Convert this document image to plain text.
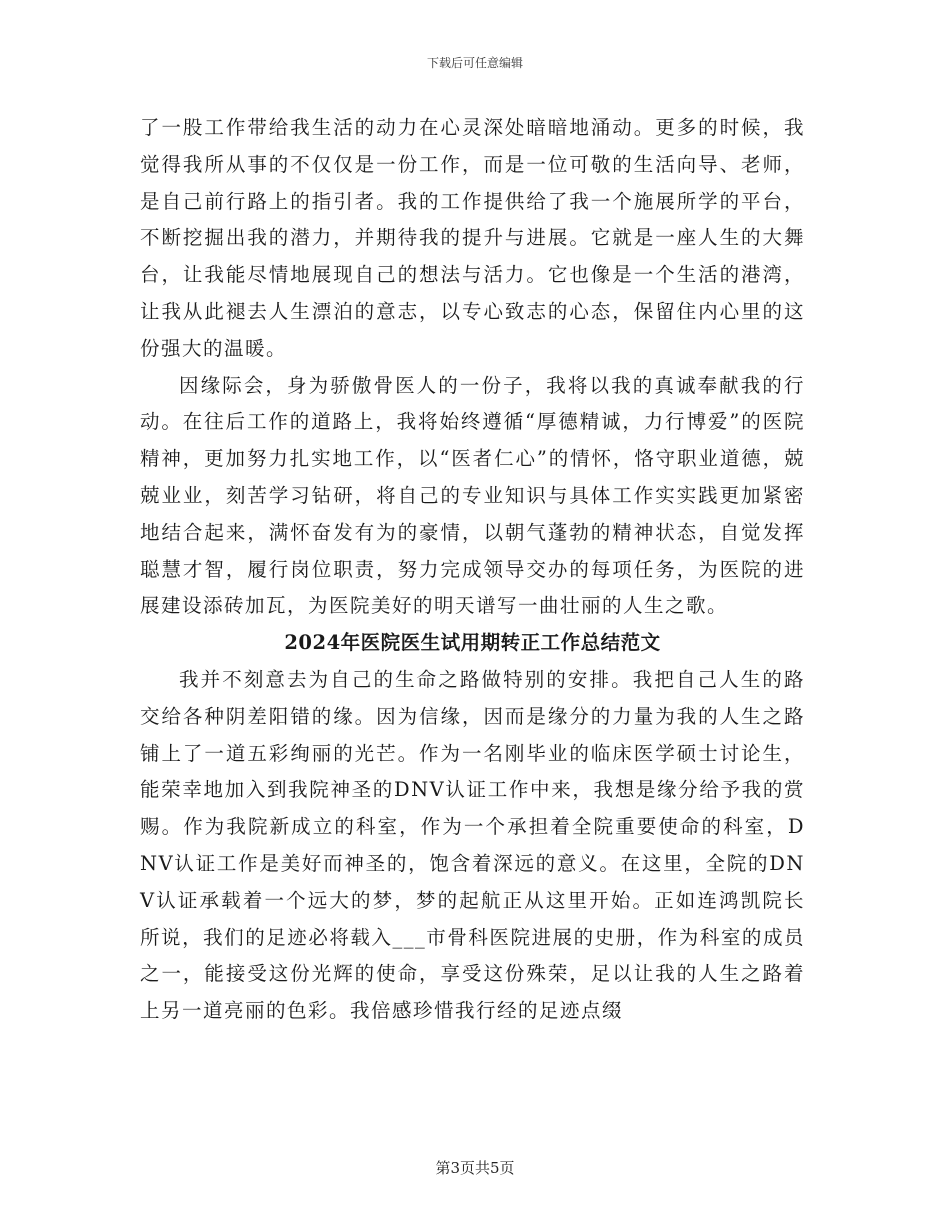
下载后可任意编辑

了一股工作带给我生活的动力在心灵深处暗暗地涌动。更多的时候，我觉得我所从事的不仅仅是一份工作，而是一位可敬的生活向导、老师，是自己前行路上的指引者。我的工作提供给了我一个施展所学的平台，不断挖掘出我的潜力，并期待我的提升与进展。它就是一座人生的大舞台，让我能尽情地展现自己的想法与活力。它也像是一个生活的港湾，让我从此褪去人生漂泊的意志，以专心致志的心态，保留住内心里的这份强大的温暖。

因缘际会，身为骄傲骨医人的一份子，我将以我的真诚奉献我的行动。在往后工作的道路上，我将始终遵循“厚德精诚，力行博爱”的医院精神，更加努力扎实地工作，以“医者仁心”的情怀，恪守职业道德，兢兢业业，刻苦学习钻研，将自己的专业知识与具体工作实实践更加紧密地结合起来，满怀奋发有为的豪情，以朝气蓬勃的精神状态，自觉发挥聪慧才智，履行岗位职责，努力完成领导交办的每项任务，为医院的进展建设添砖加瓦，为医院美好的明天谱写一曲壮丽的人生之歌。

2024年医院医生试用期转正工作总结范文

我并不刻意去为自己的生命之路做特别的安排。我把自己人生的路交给各种阴差阳错的缘。因为信缘，因而是缘分的力量为我的人生之路铺上了一道五彩绚丽的光芒。作为一名刚毕业的临床医学硕士讨论生，能荣幸地加入到我院神圣的DNV认证工作中来，我想是缘分给予我的赏赐。作为我院新成立的科室，作为一个承担着全院重要使命的科室，DNV认证工作是美好而神圣的，饱含着深远的意义。在这里，全院的DNV认证承载着一个远大的梦，梦的起航正从这里开始。正如连鸿凯院长所说，我们的足迹必将载入___市骨科医院进展的史册，作为科室的成员之一，能接受这份光辉的使命，享受这份殊荣，足以让我的人生之路着上另一道亮丽的色彩。我倍感珍惜我行经的足迹点缀

第3页共5页
